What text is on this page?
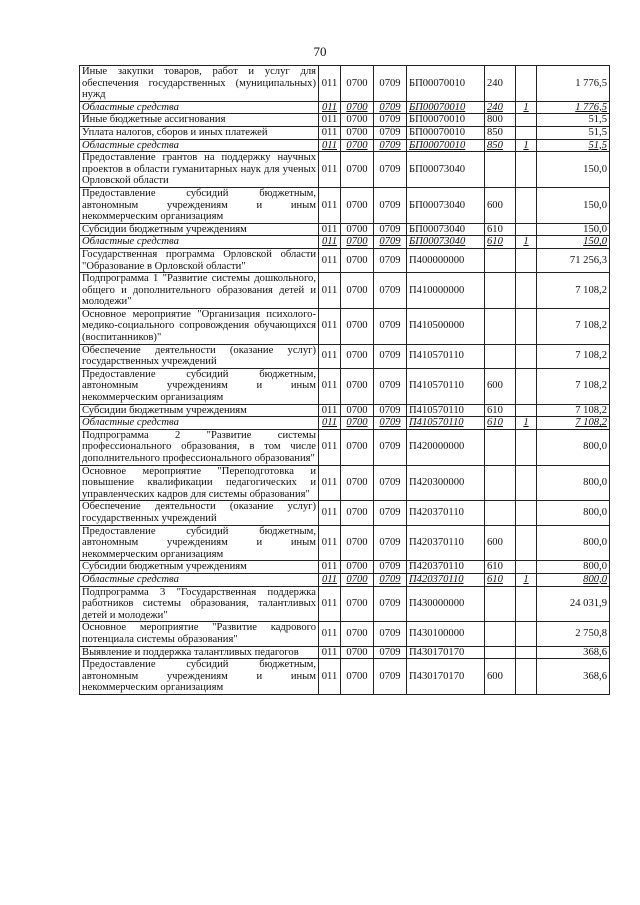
70
Иные закупки товаров, работ и услуг для обеспечения государственных (муниципальных) нужд	011	0700	0709	БП00070010	240		1 776,5
Областные средства	011	0700	0709	БП00070010	240	1	1 776,5
Иные бюджетные ассигнования	011	0700	0709	БП00070010	800		51,5
Уплата налогов, сборов и иных платежей	011	0700	0709	БП00070010	850		51,5
Областные средства	011	0700	0709	БП00070010	850	1	51,5
Предоставление грантов на поддержку научных проектов в области гуманитарных наук для ученых Орловской области	011	0700	0709	БП00073040			150,0
Предоставление субсидий бюджетным, автономным учреждениям и иным некоммерческим организациям	011	0700	0709	БП00073040	600		150,0
Субсидии бюджетным учреждениям	011	0700	0709	БП00073040	610		150,0
Областные средства	011	0700	0709	БП00073040	610	1	150,0
Государственная программа Орловской области "Образование в Орловской области"	011	0700	0709	П400000000			71 256,3
Подпрограмма 1 "Развитие системы дошкольного, общего и дополнительного образования детей и молодежи"	011	0700	0709	П410000000			7 108,2
Основное мероприятие "Организация психолого-медико-социального сопровождения обучающихся (воспитанников)"	011	0700	0709	П410500000			7 108,2
Обеспечение деятельности (оказание услуг) государственных учреждений	011	0700	0709	П410570110			7 108,2
Предоставление субсидий бюджетным, автономным учреждениям и иным некоммерческим организациям	011	0700	0709	П410570110	600		7 108,2
Субсидии бюджетным учреждениям	011	0700	0709	П410570110	610		7 108,2
Областные средства	011	0700	0709	П410570110	610	1	7 108,2
Подпрограмма 2 "Развитие системы профессионального образования, в том числе дополнительного профессионального образования"	011	0700	0709	П420000000			800,0
Основное мероприятие "Переподготовка и повышение квалификации педагогических и управленческих кадров для системы образования"	011	0700	0709	П420300000			800,0
Обеспечение деятельности (оказание услуг) государственных учреждений	011	0700	0709	П420370110			800,0
Предоставление субсидий бюджетным, автономным учреждениям и иным некоммерческим организациям	011	0700	0709	П420370110	600		800,0
Субсидии бюджетным учреждениям	011	0700	0709	П420370110	610		800,0
Областные средства	011	0700	0709	П420370110	610	1	800,0
Подпрограмма 3 "Государственная поддержка работников системы образования, талантливых детей и молодежи"	011	0700	0709	П430000000			24 031,9
Основное мероприятие "Развитие кадрового потенциала системы образования"	011	0700	0709	П430100000			2 750,8
Выявление и поддержка талантливых педагогов	011	0700	0709	П430170170			368,6
Предоставление субсидий бюджетным, автономным учреждениям и иным некоммерческим организациям	011	0700	0709	П430170170	600		368,6
